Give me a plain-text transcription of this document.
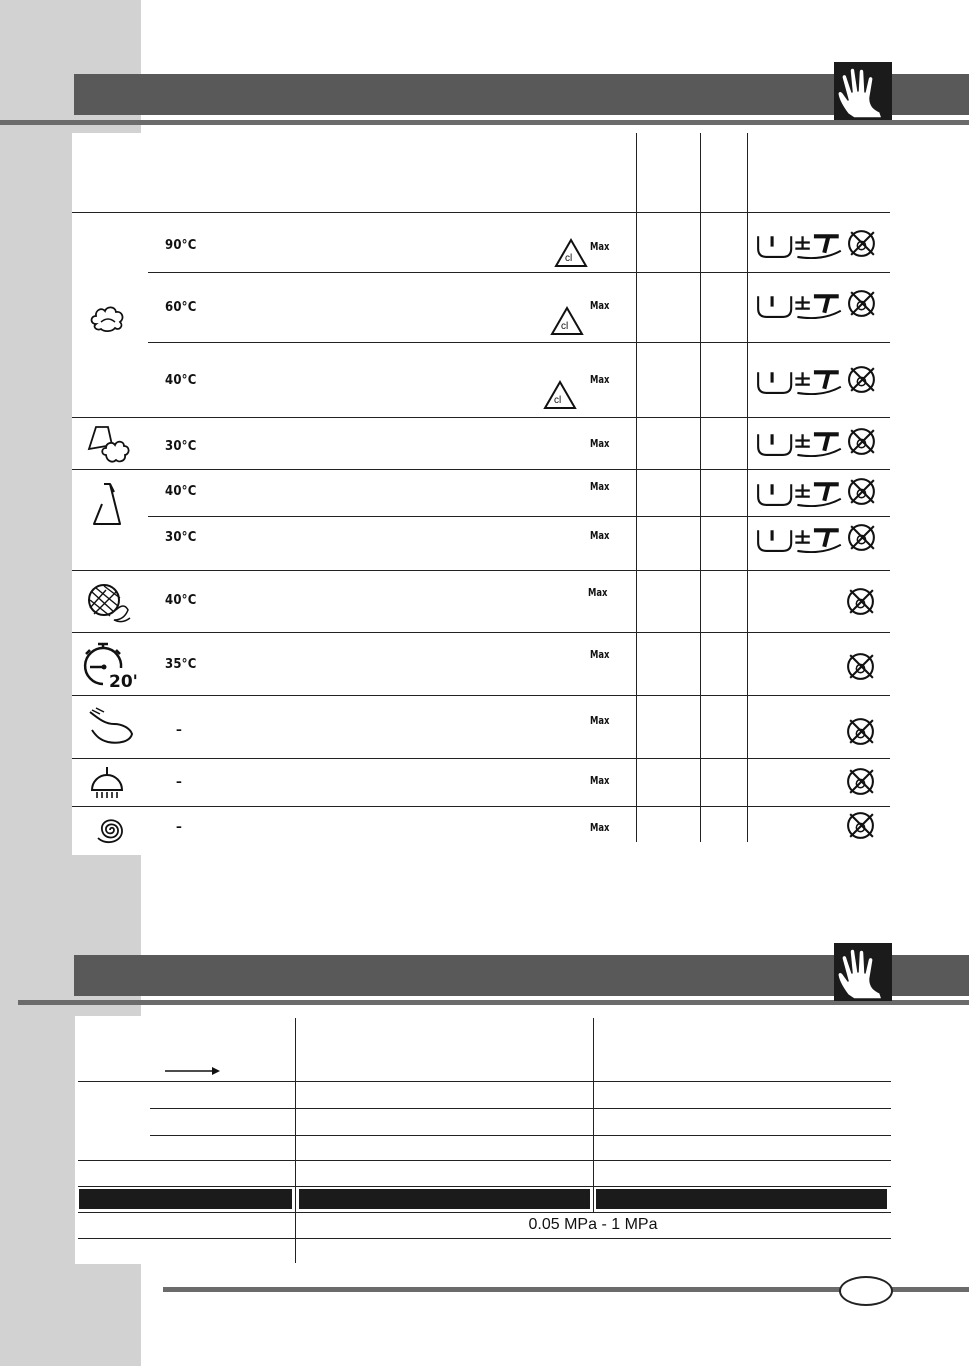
20'
90°C
60°C
40°C
30°C
40°C
30°C
40°C
35°C
–
–
–
cl
cl
cl
Max
Max
Max
Max
Max
Max
Max
Max
Max
Max
Max
0.05 MPa - 1 MPa
